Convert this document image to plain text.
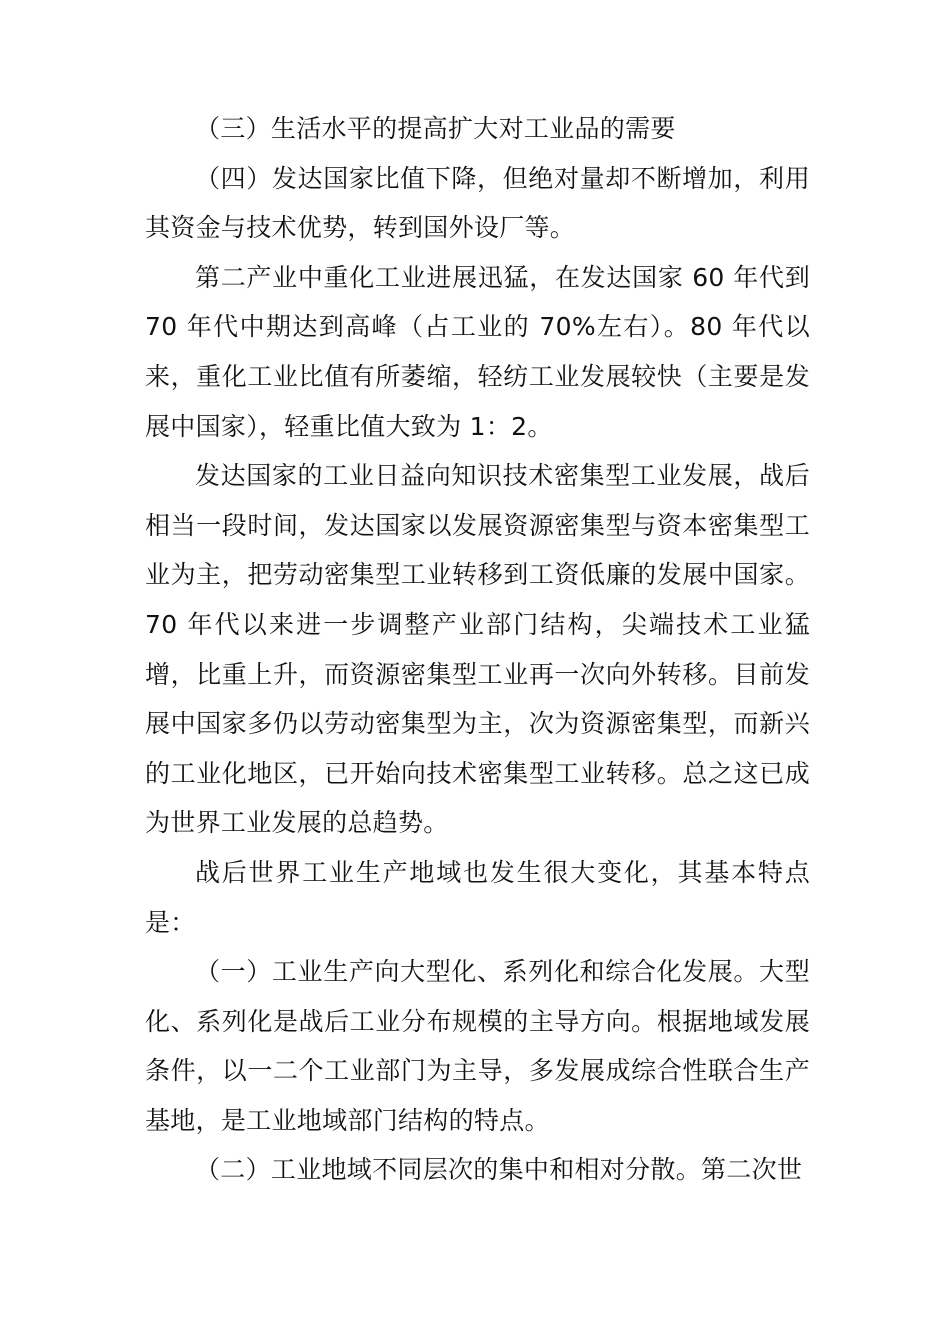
（三）生活水平的提高扩大对工业品的需要

（四）发达国家比值下降，但绝对量却不断增加，利用其资金与技术优势，转到国外设厂等。

第二产业中重化工业进展迅猛，在发达国家 60 年代到 70 年代中期达到高峰（占工业的 70%左右）。80 年代以来，重化工业比值有所萎缩，轻纺工业发展较快（主要是发展中国家），轻重比值大致为 1：2。

发达国家的工业日益向知识技术密集型工业发展，战后相当一段时间，发达国家以发展资源密集型与资本密集型工业为主，把劳动密集型工业转移到工资低廉的发展中国家。70 年代以来进一步调整产业部门结构，尖端技术工业猛增，比重上升，而资源密集型工业再一次向外转移。目前发展中国家多仍以劳动密集型为主，次为资源密集型，而新兴的工业化地区，已开始向技术密集型工业转移。总之这已成为世界工业发展的总趋势。

战后世界工业生产地域也发生很大变化，其基本特点是：

（一）工业生产向大型化、系列化和综合化发展。大型化、系列化是战后工业分布规模的主导方向。根据地域发展条件，以一二个工业部门为主导，多发展成综合性联合生产基地，是工业地域部门结构的特点。

（二）工业地域不同层次的集中和相对分散。第二次世
